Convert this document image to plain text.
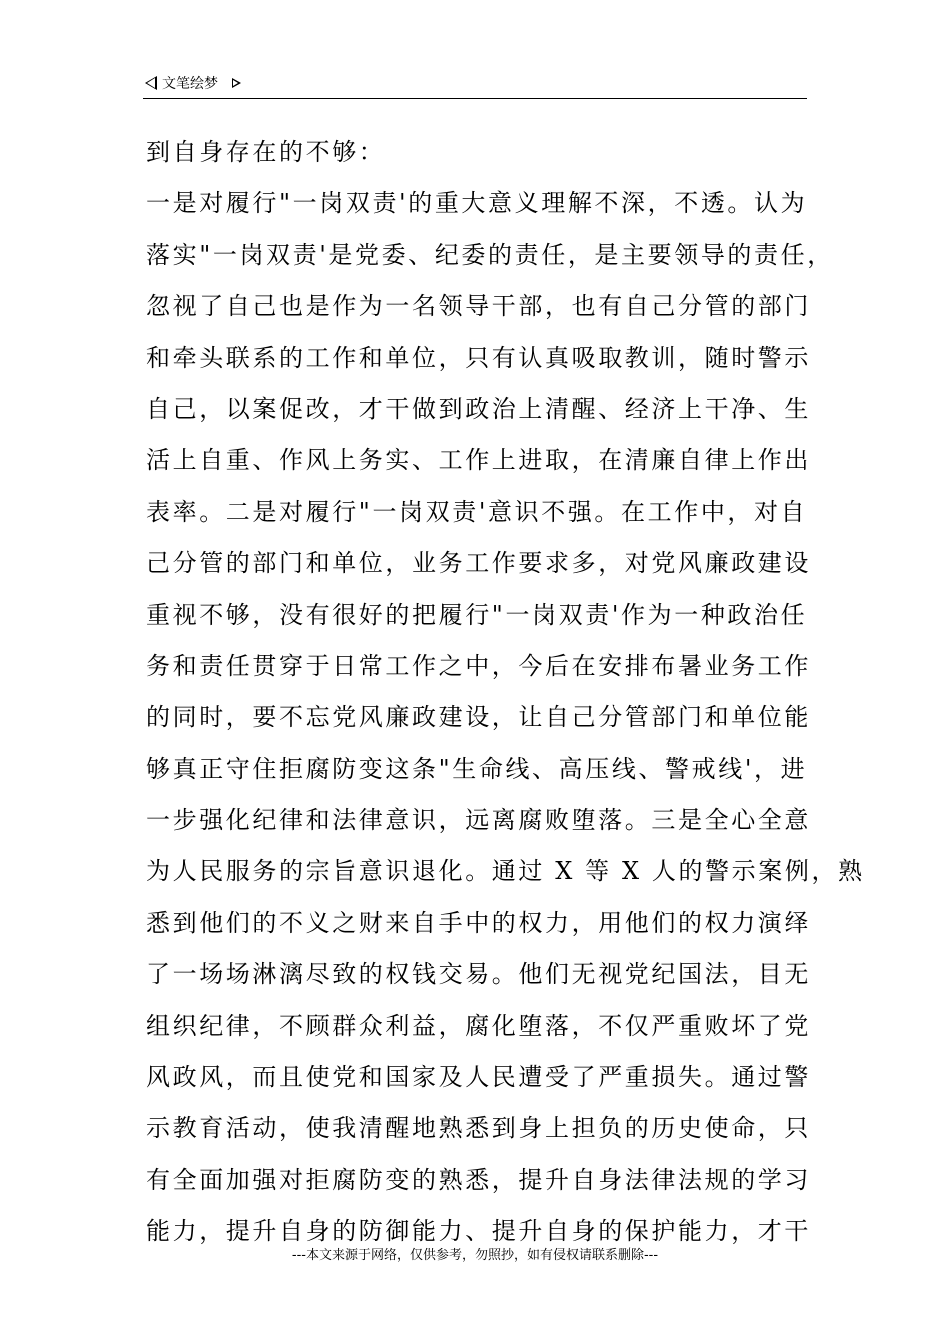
文笔绘梦
到自身存在的不够：
一是对履行"一岗双责'的重大意义理解不深，不透。认为
落实"一岗双责'是党委、纪委的责任，是主要领导的责任，
忽视了自己也是作为一名领导干部，也有自己分管的部门
和牵头联系的工作和单位，只有认真吸取教训，随时警示
自己，以案促改，才干做到政治上清醒、经济上干净、生
活上自重、作风上务实、工作上进取，在清廉自律上作出
表率。二是对履行"一岗双责'意识不强。在工作中，对自
己分管的部门和单位，业务工作要求多，对党风廉政建设
重视不够，没有很好的把履行"一岗双责'作为一种政治任
务和责任贯穿于日常工作之中，今后在安排布暑业务工作
的同时，要不忘党风廉政建设，让自己分管部门和单位能
够真正守住拒腐防变这条"生命线、高压线、警戒线'，进
一步强化纪律和法律意识，远离腐败堕落。三是全心全意
为人民服务的宗旨意识退化。通过 X 等 X 人的警示案例，熟
悉到他们的不义之财来自手中的权力，用他们的权力演绎
了一场场淋漓尽致的权钱交易。他们无视党纪国法，目无
组织纪律，不顾群众利益，腐化堕落，不仅严重败坏了党
风政风，而且使党和国家及人民遭受了严重损失。通过警
示教育活动，使我清醒地熟悉到身上担负的历史使命，只
有全面加强对拒腐防变的熟悉，提升自身法律法规的学习
能力，提升自身的防御能力、提升自身的保护能力，才干
---本文来源于网络，仅供参考，勿照抄，如有侵权请联系删除---
